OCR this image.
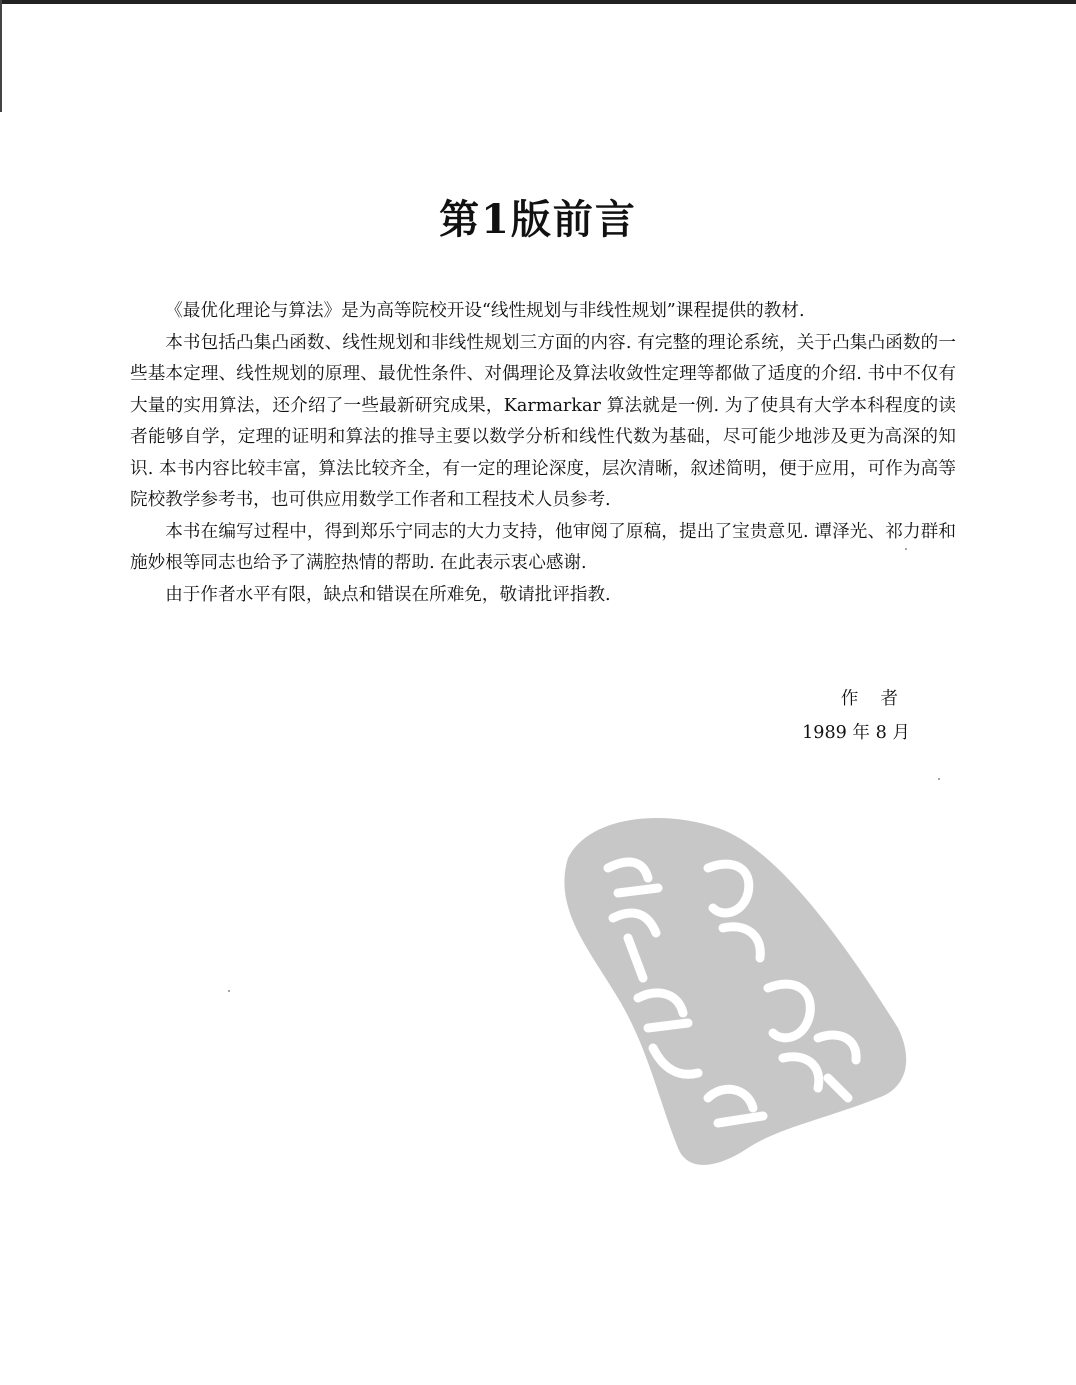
第1版前言

《最优化理论与算法》是为高等院校开设“线性规划与非线性规划”课程提供的教材.

本书包括凸集凸函数、线性规划和非线性规划三方面的内容. 有完整的理论系统，关于凸集凸函数的一些基本定理、线性规划的原理、最优性条件、对偶理论及算法收敛性定理等都做了适度的介绍. 书中不仅有大量的实用算法，还介绍了一些最新研究成果，Karmarkar 算法就是一例. 为了使具有大学本科程度的读者能够自学，定理的证明和算法的推导主要以数学分析和线性代数为基础，尽可能少地涉及更为高深的知识. 本书内容比较丰富，算法比较齐全，有一定的理论深度，层次清晰，叙述简明，便于应用，可作为高等院校教学参考书，也可供应用数学工作者和工程技术人员参考.

本书在编写过程中，得到郑乐宁同志的大力支持，他审阅了原稿，提出了宝贵意见. 谭泽光、祁力群和施妙根等同志也给予了满腔热情的帮助. 在此表示衷心感谢.

由于作者水平有限，缺点和错误在所难免，敬请批评指教.

作者
1989 年 8 月
